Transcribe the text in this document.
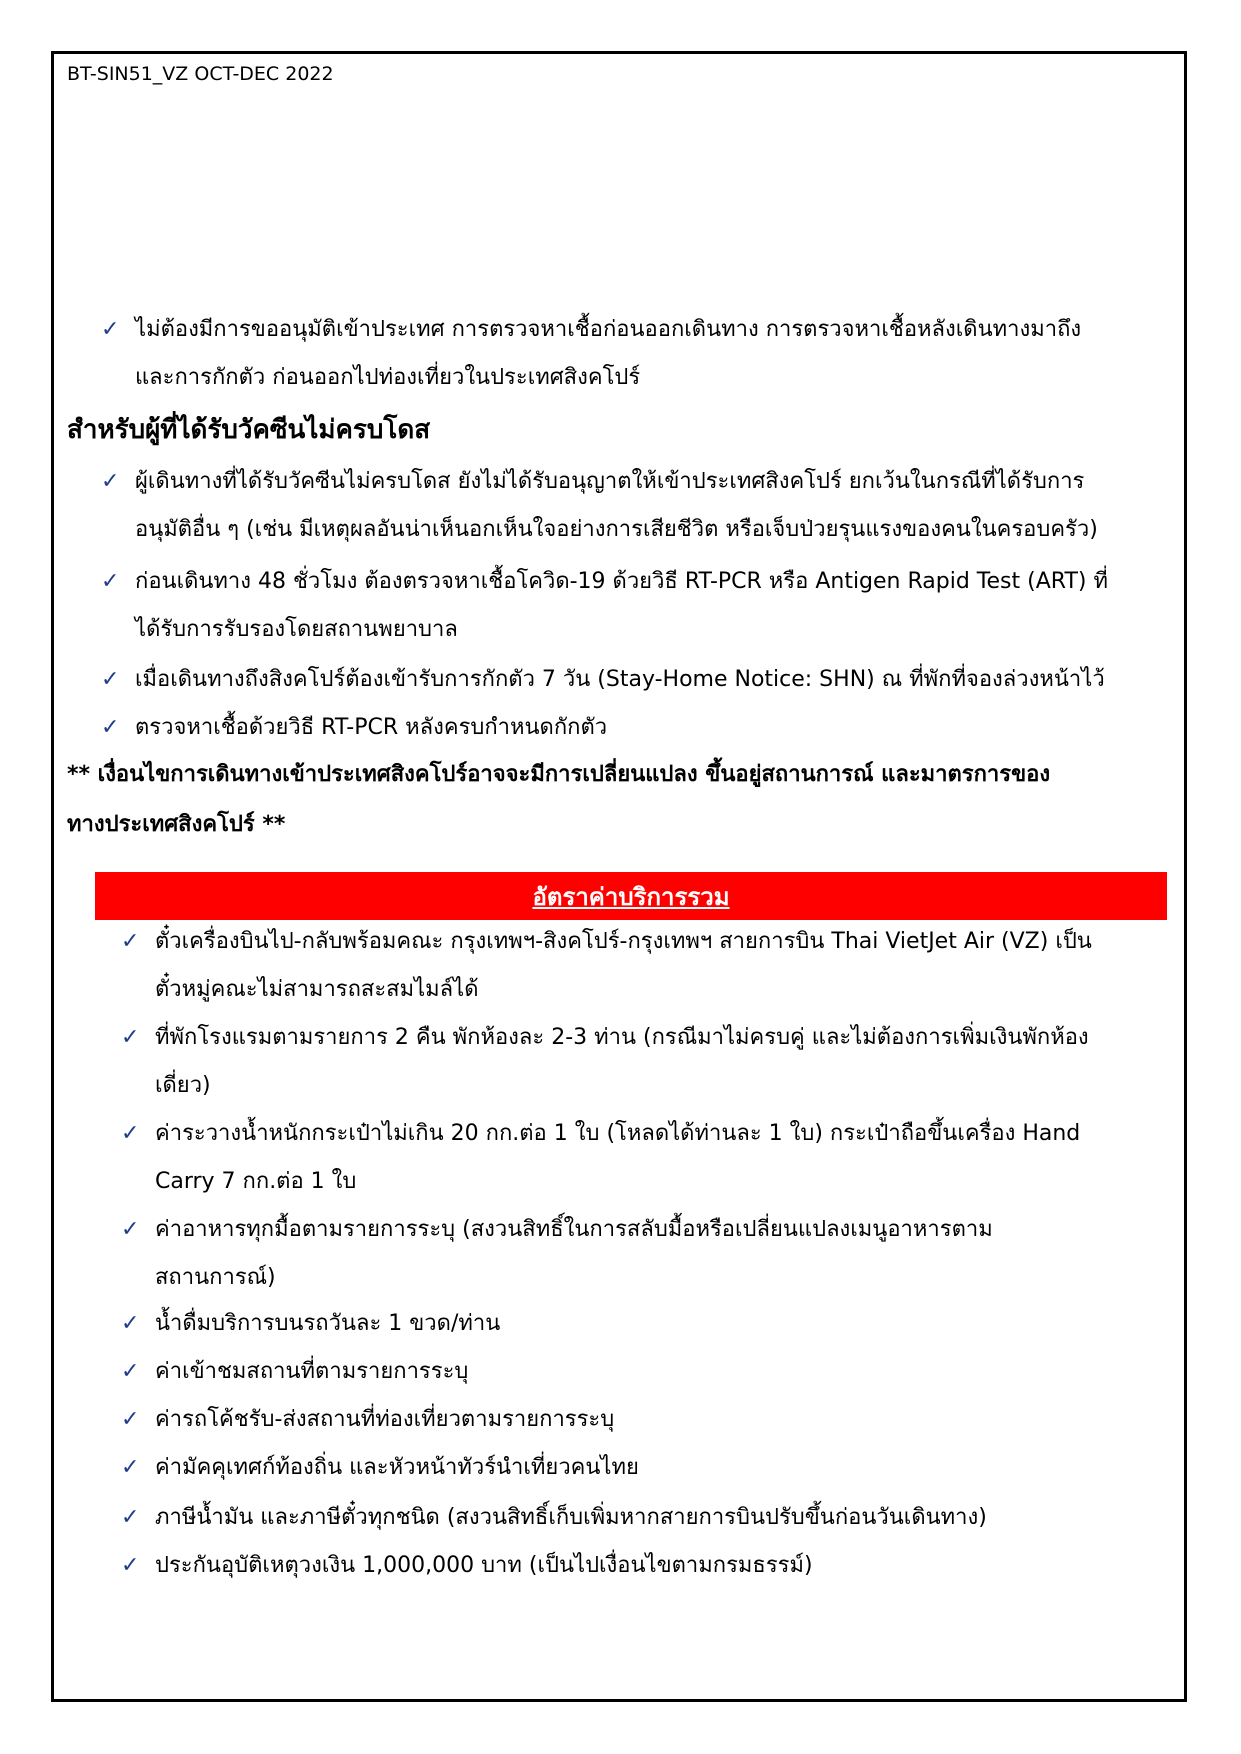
BT-SIN51_VZ OCT-DEC 2022
✓ ไม่ต้องมีการขออนุมัติเข้าประเทศ การตรวจหาเชื้อก่อนออกเดินทาง การตรวจหาเชื้อหลังเดินทางมาถึง
และการกักตัว ก่อนออกไปท่องเที่ยวในประเทศสิงคโปร์
สำหรับผู้ที่ได้รับวัคซีนไม่ครบโดส
✓ ผู้เดินทางที่ได้รับวัคซีนไม่ครบโดส ยังไม่ได้รับอนุญาตให้เข้าประเทศสิงคโปร์ ยกเว้นในกรณีที่ได้รับการ
อนุมัติอื่น ๆ (เช่น มีเหตุผลอันน่าเห็นอกเห็นใจอย่างการเสียชีวิต หรือเจ็บป่วยรุนแรงของคนในครอบครัว)
✓ ก่อนเดินทาง 48 ชั่วโมง ต้องตรวจหาเชื้อโควิด-19 ด้วยวิธี RT-PCR หรือ Antigen Rapid Test (ART) ที่
ได้รับการรับรองโดยสถานพยาบาล
✓ เมื่อเดินทางถึงสิงคโปร์ต้องเข้ารับการกักตัว 7 วัน (Stay-Home Notice: SHN) ณ ที่พักที่จองล่วงหน้าไว้
✓ ตรวจหาเชื้อด้วยวิธี RT-PCR หลังครบกำหนดกักตัว
** เงื่อนไขการเดินทางเข้าประเทศสิงคโปร์อาจจะมีการเปลี่ยนแปลง ขึ้นอยู่สถานการณ์ และมาตรการของ
ทางประเทศสิงคโปร์ **
อัตราค่าบริการรวม
✓ ตั๋วเครื่องบินไป-กลับพร้อมคณะ กรุงเทพฯ-สิงคโปร์-กรุงเทพฯ สายการบิน Thai VietJet Air (VZ) เป็น
ตั๋วหมู่คณะไม่สามารถสะสมไมล์ได้
✓ ที่พักโรงแรมตามรายการ 2 คืน พักห้องละ 2-3 ท่าน (กรณีมาไม่ครบคู่ และไม่ต้องการเพิ่มเงินพักห้อง
เดี่ยว)
✓ ค่าระวางน้ำหนักกระเป๋าไม่เกิน 20 กก.ต่อ 1 ใบ (โหลดได้ท่านละ 1 ใบ) กระเป๋าถือขึ้นเครื่อง Hand
Carry 7 กก.ต่อ 1 ใบ
✓ ค่าอาหารทุกมื้อตามรายการระบุ (สงวนสิทธิ์ในการสลับมื้อหรือเปลี่ยนแปลงเมนูอาหารตาม
สถานการณ์)
✓ น้ำดื่มบริการบนรถวันละ 1 ขวด/ท่าน
✓ ค่าเข้าชมสถานที่ตามรายการระบุ
✓ ค่ารถโค้ชรับ-ส่งสถานที่ท่องเที่ยวตามรายการระบุ
✓ ค่ามัคคุเทศก์ท้องถิ่น และหัวหน้าทัวร์นำเที่ยวคนไทย
✓ ภาษีน้ำมัน และภาษีตั๋วทุกชนิด (สงวนสิทธิ์เก็บเพิ่มหากสายการบินปรับขึ้นก่อนวันเดินทาง)
✓ ประกันอุบัติเหตุวงเงิน 1,000,000 บาท (เป็นไปเงื่อนไขตามกรมธรรม์)
